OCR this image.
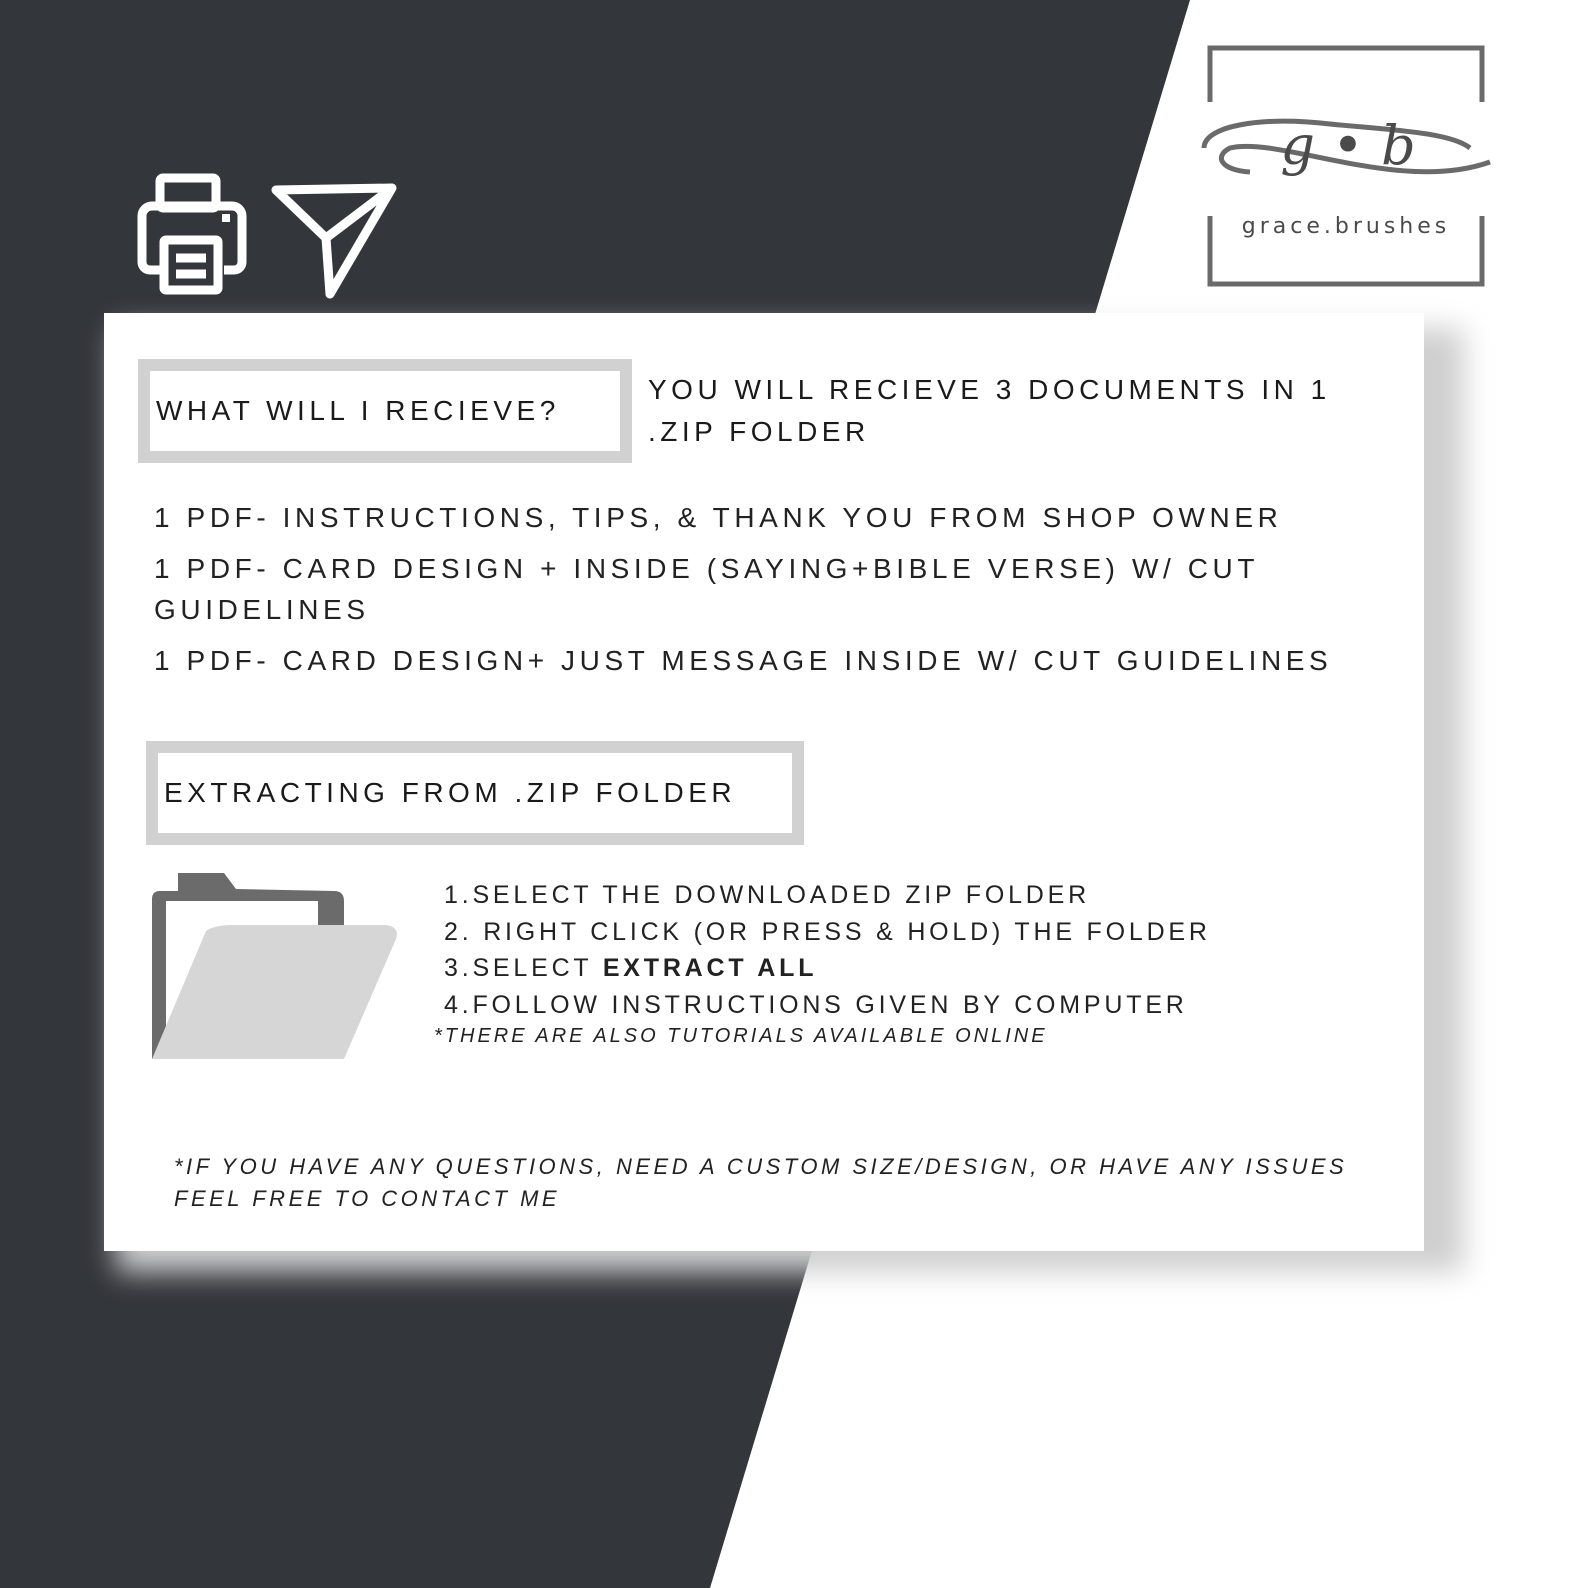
g • b
grace.brushes
WHAT WILL I RECIEVE?
YOU WILL RECIEVE 3 DOCUMENTS IN 1 .ZIP FOLDER
1 PDF- INSTRUCTIONS, TIPS, & THANK YOU FROM SHOP OWNER
1 PDF- CARD DESIGN + INSIDE (SAYING+BIBLE VERSE) W/ CUT GUIDELINES
1 PDF- CARD DESIGN+ JUST MESSAGE INSIDE W/ CUT GUIDELINES
EXTRACTING FROM .ZIP FOLDER
1.SELECT THE DOWNLOADED ZIP FOLDER
2. RIGHT CLICK (OR PRESS & HOLD) THE FOLDER
3.SELECT EXTRACT ALL
4.FOLLOW INSTRUCTIONS GIVEN BY COMPUTER
*THERE ARE ALSO TUTORIALS AVAILABLE ONLINE
*IF YOU HAVE ANY QUESTIONS, NEED A CUSTOM SIZE/DESIGN, OR HAVE ANY ISSUES FEEL FREE TO CONTACT ME
